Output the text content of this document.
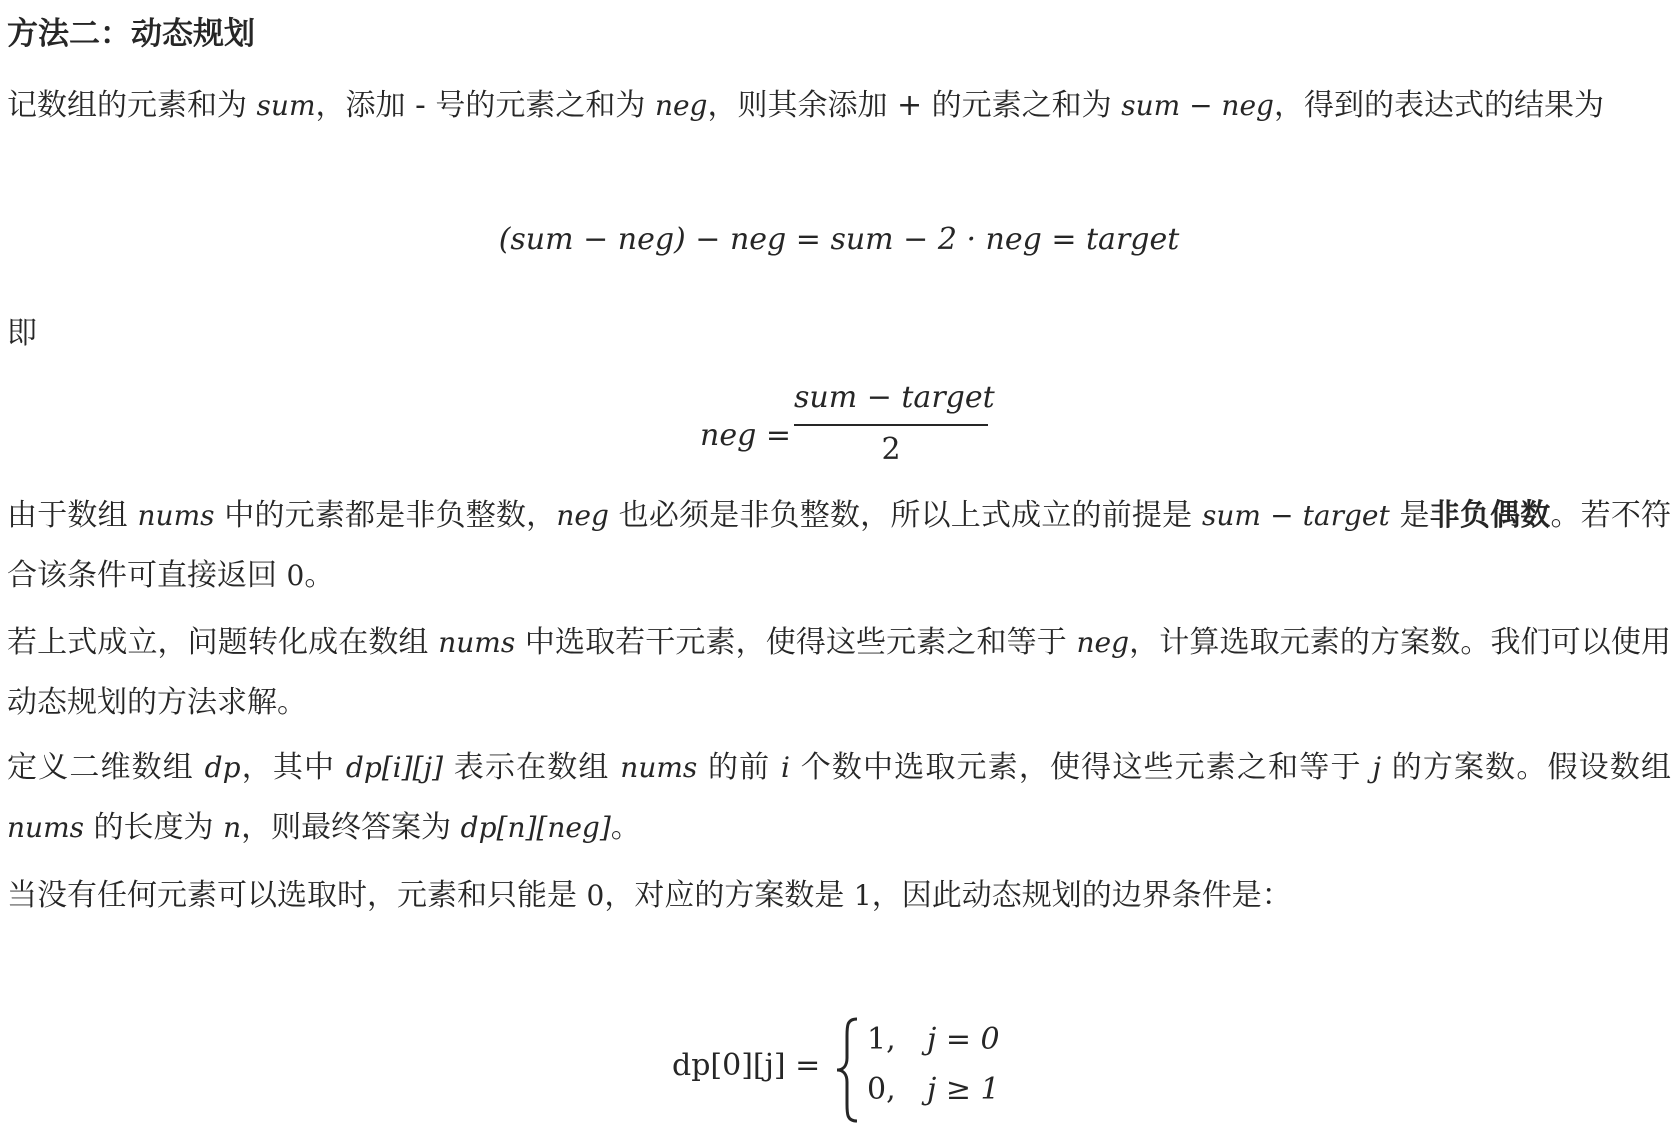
方法二：动态规划
记数组的元素和为 sum，添加 - 号的元素之和为 neg，则其余添加 + 的元素之和为 sum − neg，得到的表达式的结果为
(sum − neg) − neg = sum − 2 · neg = target
即
neg =
sum − target
2
由于数组 nums 中的元素都是非负整数，neg 也必须是非负整数，所以上式成立的前提是 sum − target 是非负偶数。若不符合该条件可直接返回 0。
若上式成立，问题转化成在数组 nums 中选取若干元素，使得这些元素之和等于 neg，计算选取元素的方案数。我们可以使用动态规划的方法求解。
定义二维数组 dp，其中 dp[i][j] 表示在数组 nums 的前 i 个数中选取元素，使得这些元素之和等于 j 的方案数。假设数组 nums 的长度为 n，则最终答案为 dp[n][neg]。
当没有任何元素可以选取时，元素和只能是 0，对应的方案数是 1，因此动态规划的边界条件是：
dp[0][j] =
1, j = 0
0, j ≥ 1
